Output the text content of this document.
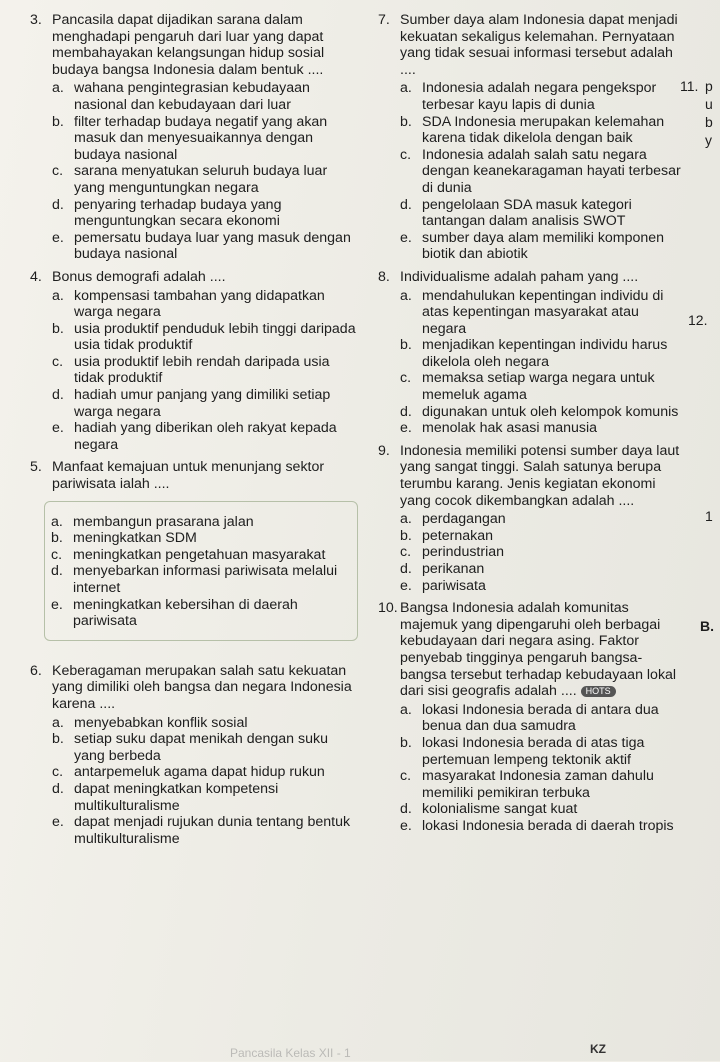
3. Pancasila dapat dijadikan sarana dalam menghadapi pengaruh dari luar yang dapat membahayakan kelangsungan hidup sosial budaya bangsa Indonesia dalam bentuk ....
a. wahana pengintegrasian kebudayaan nasional dan kebudayaan dari luar
b. filter terhadap budaya negatif yang akan masuk dan menyesuaikannya dengan budaya nasional
c. sarana menyatukan seluruh budaya luar yang menguntungkan negara
d. penyaring terhadap budaya yang menguntungkan secara ekonomi
e. pemersatu budaya luar yang masuk dengan budaya nasional
4. Bonus demografi adalah ....
a. kompensasi tambahan yang didapatkan warga negara
b. usia produktif penduduk lebih tinggi daripada usia tidak produktif
c. usia produktif lebih rendah daripada usia tidak produktif
d. hadiah umur panjang yang dimiliki setiap warga negara
e. hadiah yang diberikan oleh rakyat kepada negara
5. Manfaat kemajuan untuk menunjang sektor pariwisata ialah ....
a. membangun prasarana jalan
b. meningkatkan SDM
c. meningkatkan pengetahuan masyarakat
d. menyebarkan informasi pariwisata melalui internet
e. meningkatkan kebersihan di daerah pariwisata
6. Keberagaman merupakan salah satu kekuatan yang dimiliki oleh bangsa dan negara Indonesia karena ....
a. menyebabkan konflik sosial
b. setiap suku dapat menikah dengan suku yang berbeda
c. antarpemeluk agama dapat hidup rukun
d. dapat meningkatkan kompetensi multikulturalisme
e. dapat menjadi rujukan dunia tentang bentuk multikulturalisme
7. Sumber daya alam Indonesia dapat menjadi kekuatan sekaligus kelemahan. Pernyataan yang tidak sesuai informasi tersebut adalah ....
a. Indonesia adalah negara pengekspor terbesar kayu lapis di dunia
b. SDA Indonesia merupakan kelemahan karena tidak dikelola dengan baik
c. Indonesia adalah salah satu negara dengan keanekaragaman hayati terbesar di dunia
d. pengelolaan SDA masuk kategori tantangan dalam analisis SWOT
e. sumber daya alam memiliki komponen biotik dan abiotik
8. Individualisme adalah paham yang ....
a. mendahulukan kepentingan individu di atas kepentingan masyarakat atau negara
b. menjadikan kepentingan individu harus dikelola oleh negara
c. memaksa setiap warga negara untuk memeluk agama
d. digunakan untuk oleh kelompok komunis
e. menolak hak asasi manusia
9. Indonesia memiliki potensi sumber daya laut yang sangat tinggi. Salah satunya berupa terumbu karang. Jenis kegiatan ekonomi yang cocok dikembangkan adalah ....
a. perdagangan
b. peternakan
c. perindustrian
d. perikanan
e. pariwisata
10. Bangsa Indonesia adalah komunitas majemuk yang dipengaruhi oleh berbagai kebudayaan dari negara asing. Faktor penyebab tingginya pengaruh bangsa-bangsa tersebut terhadap kebudayaan lokal dari sisi geografis adalah .... HOTS
a. lokasi Indonesia berada di antara dua benua dan dua samudra
b. lokasi Indonesia berada di atas tiga pertemuan lempeng tektonik aktif
c. masyarakat Indonesia zaman dahulu memiliki pemikiran terbuka
d. kolonialisme sangat kuat
e. lokasi Indonesia berada di daerah tropis
11. p
u
b
y
12.
1
B.
Pancasila Kelas XII - 1	KZ
